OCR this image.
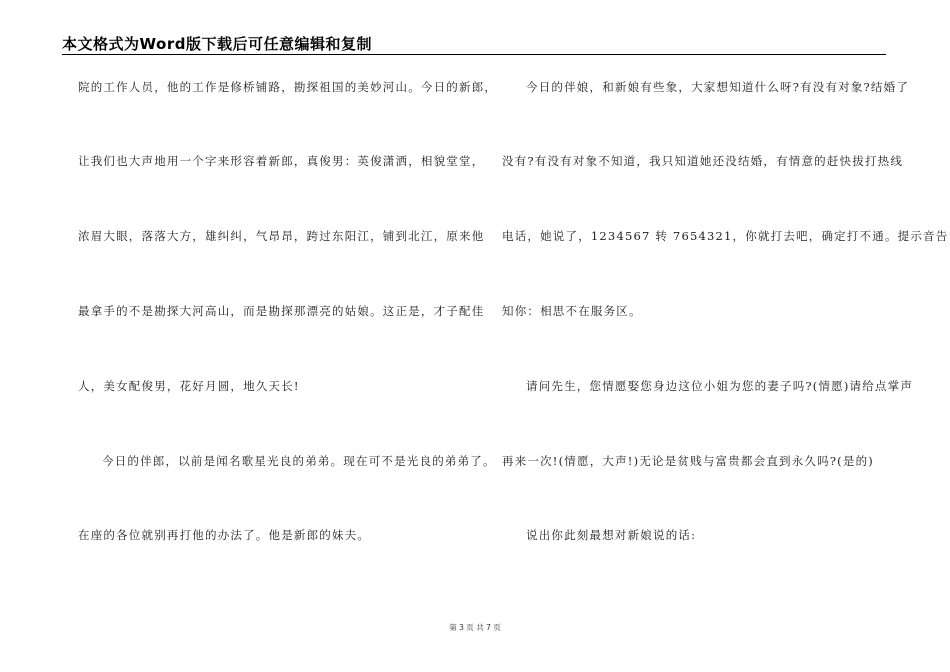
本文格式为Word版下载后可任意编辑和复制
院的工作人员，他的工作是修桥铺路，勘探祖国的美妙河山。今日的新郎，
让我们也大声地用一个字来形容着新郎，真俊男：英俊潇洒，相貌堂堂，
浓眉大眼，落落大方，雄纠纠，气昂昂，跨过东阳江，铺到北江，原来他
最拿手的不是勘探大河高山，而是勘探那漂亮的姑娘。这正是，才子配佳
人，美女配俊男，花好月圆，地久天长!
今日的伴郎，以前是闻名歌星光良的弟弟。现在可不是光良的弟弟了。
在座的各位就别再打他的办法了。他是新郎的妹夫。
今日的伴娘，和新娘有些象，大家想知道什么呀?有没有对象?结婚了
没有?有没有对象不知道，我只知道她还没结婚，有情意的赶快拔打热线
电话，她说了，1234567 转 7654321，你就打去吧，确定打不通。提示音告
知你：相思不在服务区。
请问先生，您情愿娶您身边这位小姐为您的妻子吗?(情愿)请给点掌声
再来一次!(情愿，大声!)无论是贫贱与富贵都会直到永久吗?(是的)
说出你此刻最想对新娘说的话:
第 3 页 共 7 页
